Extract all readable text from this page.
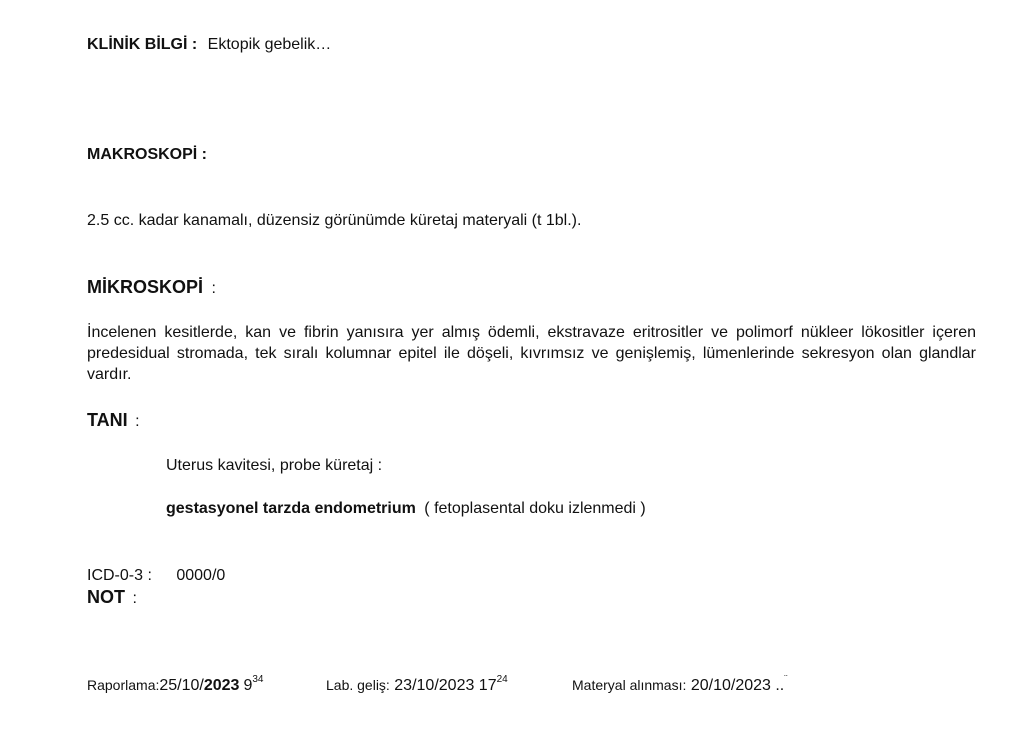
KLİNİK BİLGİ : Ektopik gebelik…
MAKROSKOPİ :
2.5 cc. kadar kanamalı, düzensiz görünümde küretaj materyali (t 1bl.).
MİKROSKOPİ :
İncelenen kesitlerde, kan ve fibrin yanısıra yer almış ödemli, ekstravaze eritrositler ve polimorf nükleer lökositler içeren predesidual stromada, tek sıralı kolumnar epitel ile döşeli, kıvrımsız ve genişlemiş, lümenlerinde sekresyon olan glandlar vardır.
TANI :
Uterus kavitesi, probe küretaj :
gestasyonel tarzda endometrium ( fetoplasental doku izlenmedi )
ICD-0-3 : 0000/0
NOT :
Raporlama:25/10/2023 $9^{34}$	Lab. geliş: 23/10/2023 $17^{24}$	Materyal alınması: 20/10/2023 ..¨
